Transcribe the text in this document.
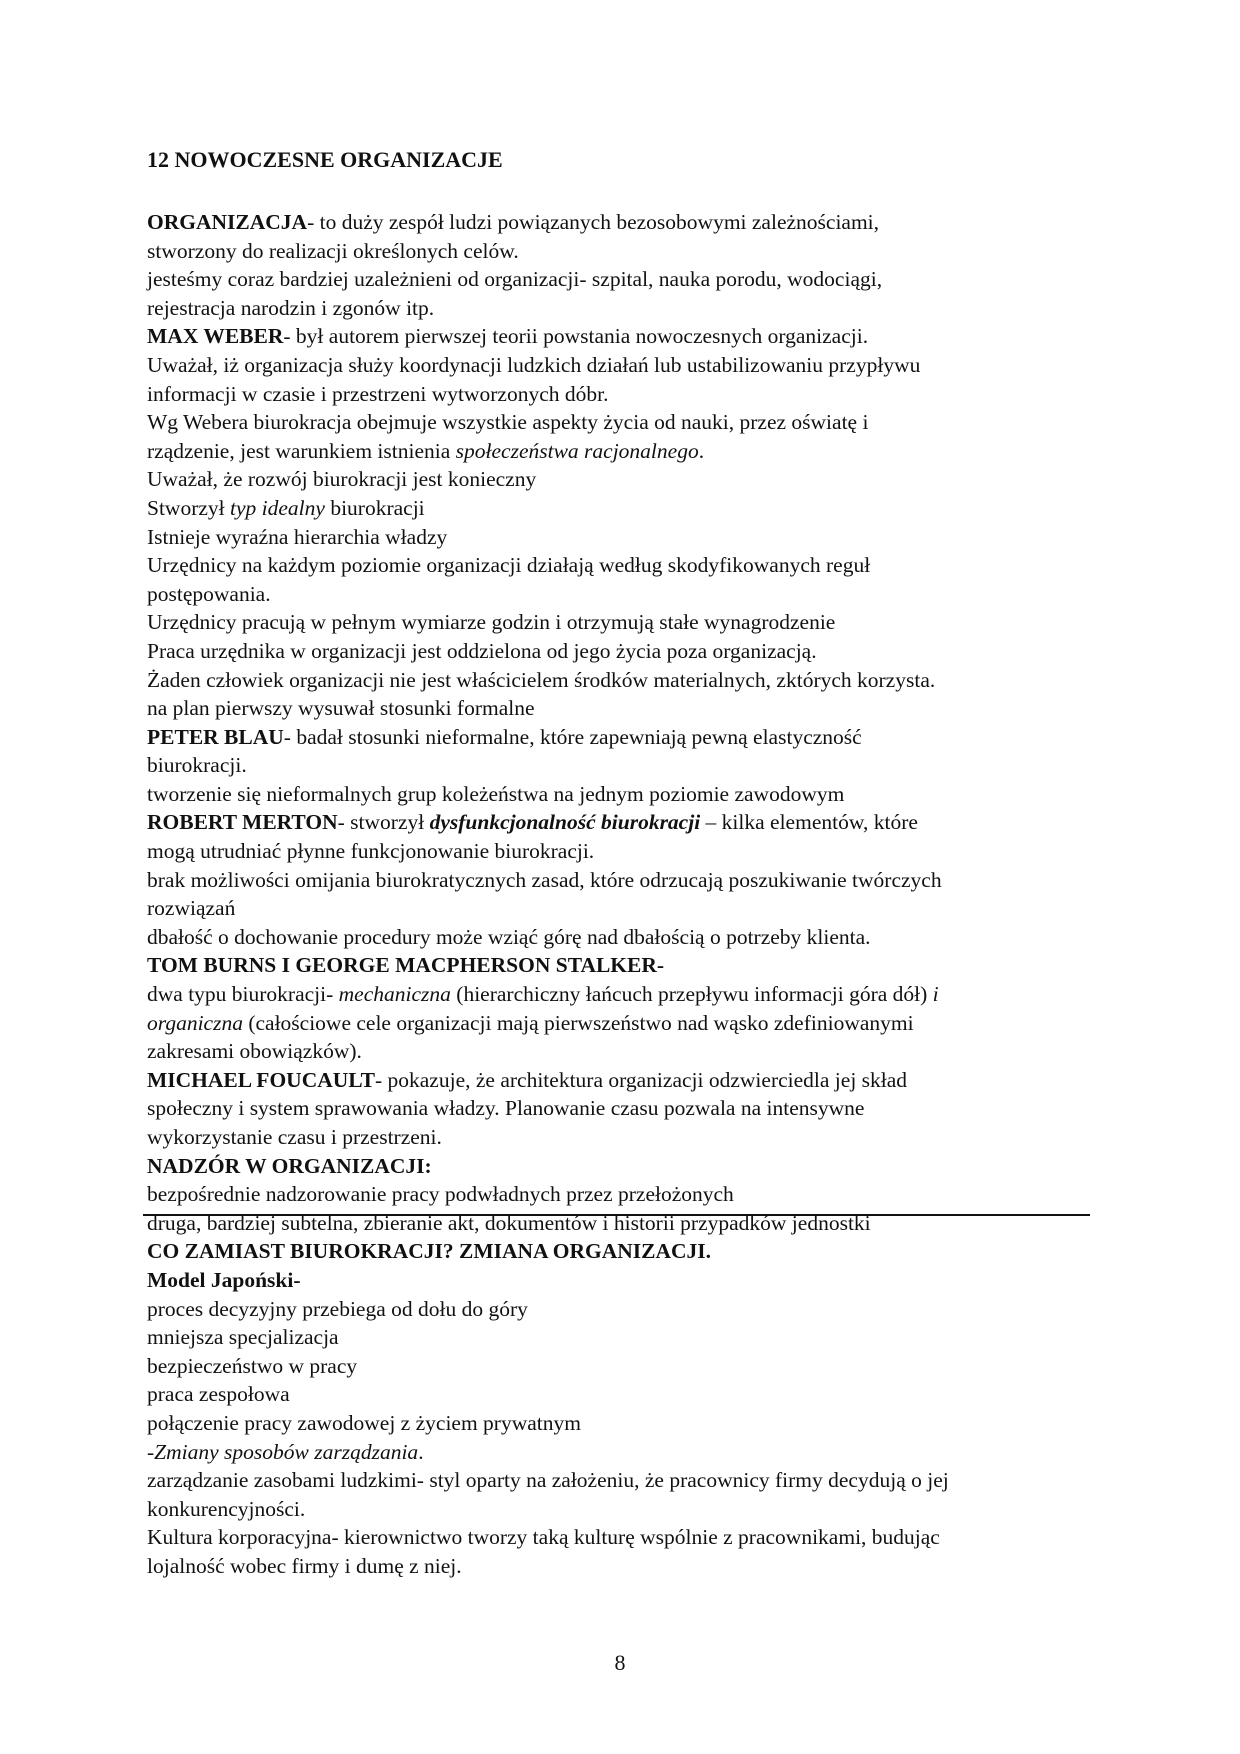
12 NOWOCZESNE ORGANIZACJE

ORGANIZACJA- to duży zespół ludzi powiązanych bezosobowymi zależnościami,

stworzony do realizacji określonych celów.

jesteśmy coraz bardziej uzależnieni od organizacji- szpital, nauka porodu, wodociągi,

rejestracja narodzin i zgonów itp.

MAX WEBER- był autorem pierwszej teorii powstania nowoczesnych organizacji.

Uważał, iż organizacja służy koordynacji ludzkich działań lub ustabilizowaniu przypływu

informacji w czasie i przestrzeni wytworzonych dóbr.

Wg Webera biurokracja obejmuje wszystkie aspekty życia od nauki, przez oświatę i

rządzenie, jest warunkiem istnienia społeczeństwa racjonalnego.

Uważał, że rozwój biurokracji jest konieczny

Stworzył typ idealny biurokracji

Istnieje wyraźna hierarchia władzy

Urzędnicy na każdym poziomie organizacji działają według skodyfikowanych reguł

postępowania.

Urzędnicy pracują w pełnym wymiarze godzin i otrzymują stałe wynagrodzenie

Praca urzędnika w organizacji jest oddzielona od jego życia poza organizacją.

Żaden człowiek organizacji nie jest właścicielem środków materialnych, zktórych korzysta.

na plan pierwszy wysuwał stosunki formalne

PETER BLAU- badał stosunki nieformalne, które zapewniają pewną elastyczność

biurokracji.

tworzenie się nieformalnych grup koleżeństwa na jednym poziomie zawodowym

ROBERT MERTON- stworzył dysfunkcjonalność biurokracji – kilka elementów, które

mogą utrudniać płynne funkcjonowanie biurokracji.

brak możliwości omijania biurokratycznych zasad, które odrzucają poszukiwanie twórczych

rozwiązań

dbałość o dochowanie procedury może wziąć górę nad dbałością o potrzeby klienta.

TOM BURNS I GEORGE MACPHERSON STALKER-

dwa typu biurokracji- mechaniczna (hierarchiczny łańcuch przepływu informacji góra dół) i

organiczna (całościowe cele organizacji mają pierwszeństwo nad wąsko zdefiniowanymi

zakresami obowiązków).

MICHAEL FOUCAULT- pokazuje, że architektura organizacji odzwierciedla jej skład

społeczny i system sprawowania władzy. Planowanie czasu pozwala na intensywne

wykorzystanie czasu i przestrzeni.

NADZÓR W ORGANIZACJI:

bezpośrednie nadzorowanie pracy podwładnych przez przełożonych

druga, bardziej subtelna, zbieranie akt, dokumentów i historii przypadków jednostki

CO ZAMIAST BIUROKRACJI? ZMIANA ORGANIZACJI.

Model Japoński-

proces decyzyjny przebiega od dołu do góry

mniejsza specjalizacja

bezpieczeństwo w pracy

praca zespołowa

połączenie pracy zawodowej z życiem prywatnym

-Zmiany sposobów zarządzania.

zarządzanie zasobami ludzkimi- styl oparty na założeniu, że pracownicy firmy decydują o jej

konkurencyjności.

Kultura korporacyjna- kierownictwo tworzy taką kulturę wspólnie z pracownikami, budując

lojalność wobec firmy i dumę z niej.

8
